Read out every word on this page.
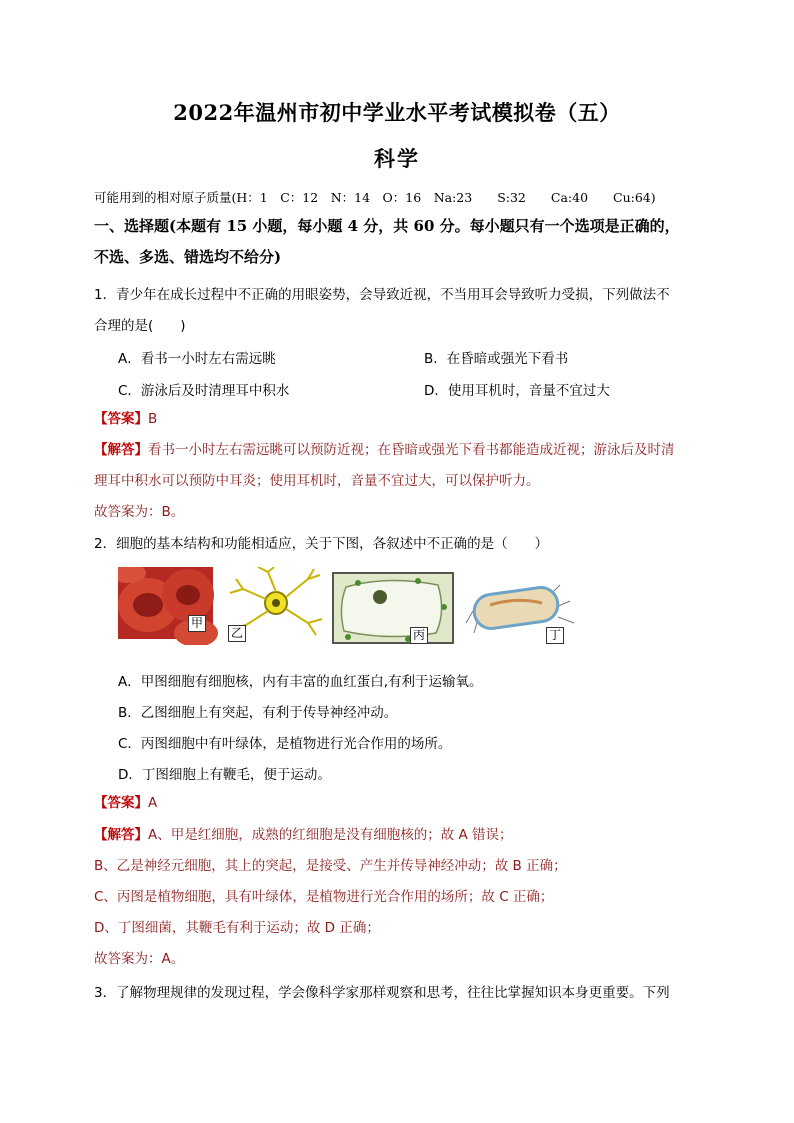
2022年温州市初中学业水平考试模拟卷（五）
科学
可能用到的相对原子质量(H：1　C：12　N：14　O：16　Na:23　　S:32　　Ca:40　　Cu:64)
一、选择题(本题有 15 小题，每小题 4 分，共 60 分。每小题只有一个选项是正确的，
不选、多选、错选均不给分)
1．青少年在成长过程中不正确的用眼姿势，会导致近视，不当用耳会导致听力受损，下列做法不
合理的是(　　)
A．看书一小时左右需远眺	B．在昏暗或强光下看书
C．游泳后及时清理耳中积水	D．使用耳机时，音量不宜过大
【答案】B
【解答】看书一小时左右需远眺可以预防近视；在昏暗或强光下看书都能造成近视；游泳后及时清
理耳中积水可以预防中耳炎；使用耳机时，音量不宜过大，可以保护听力。
故答案为：B。
2．细胞的基本结构和功能相适应，关于下图，各叙述中不正确的是（　　）
甲
乙	丙	丁
A．甲图细胞有细胞核，内有丰富的血红蛋白,有利于运输氧。
B．乙图细胞上有突起，有利于传导神经冲动。
C．丙图细胞中有叶绿体，是植物进行光合作用的场所。
D．丁图细胞上有鞭毛，便于运动。
【答案】A
【解答】A、甲是红细胞，成熟的红细胞是没有细胞核的；故 A 错误；
B、乙是神经元细胞，其上的突起，是接受、产生并传导神经冲动；故 B 正确；
C、丙图是植物细胞，具有叶绿体，是植物进行光合作用的场所；故 C 正确；
D、丁图细菌，其鞭毛有利于运动；故 D 正确；
故答案为：A。
3．了解物理规律的发现过程，学会像科学家那样观察和思考，往往比掌握知识本身更重要。下列
